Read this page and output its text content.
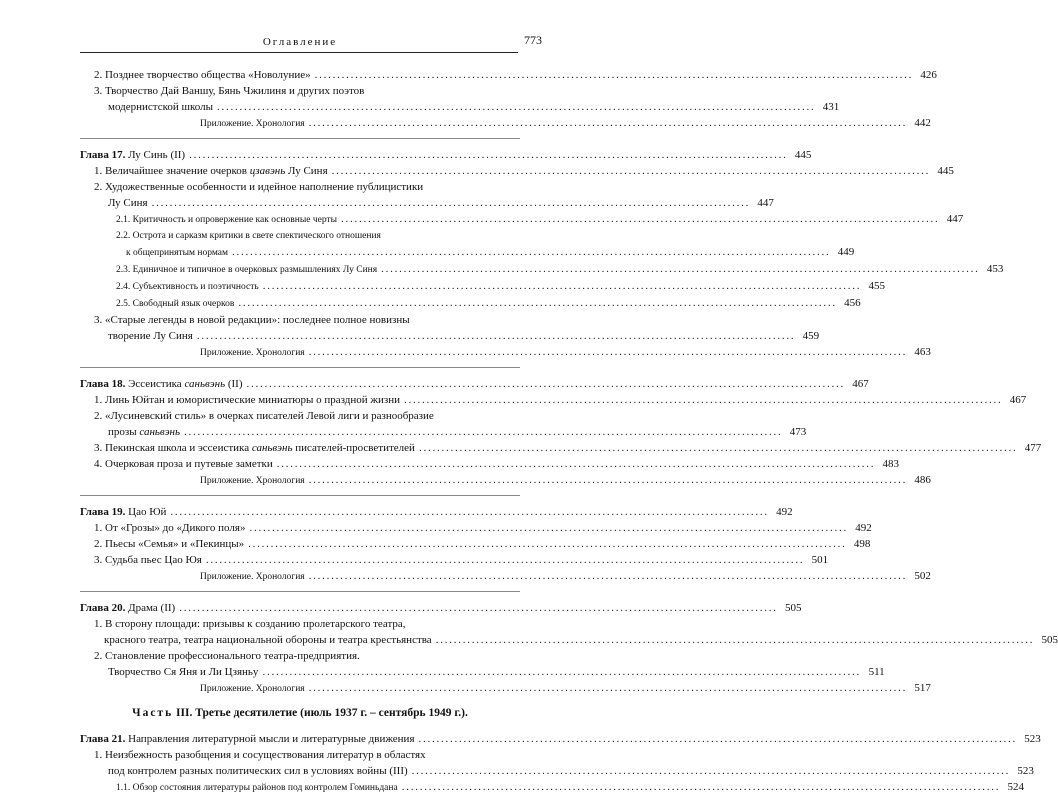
Оглавление	773
2. Позднее творчество общества «Новолуние» . . .	426
3. Творчество Дай Ваншу, Бянь Чжилиня и других поэтов
модернистской школы . . .	431
Приложение. Хронология . . .	442
Глава 17. Лу Синь (II) . . .	445
1. Величайшее значение очерков цзавэнь Лу Синя . . .	445
2. Художественные особенности и идейное наполнение публицистики
Лу Синя . . .	447
2.1. Критичность и опровержение как основные черты . . .	447
2.2. Острота и сарказм критики в свете спектического отношения
к общепринятым нормам . . .	449
2.3. Единичное и типичное в очерковых размышлениях Лу Синя . . .	453
2.4. Субъективность и поэтичность . . .	455
2.5. Свободный язык очерков . . .	456
3. «Старые легенды в новой редакции»: последнее полное новизны
творение Лу Синя . . .	459
Приложение. Хронология . . .	463
Глава 18. Эссеистика саньвэнь (II) . . .	467
1. Линь Юйтан и юмористические миниатюры о праздной жизни . . .	467
2. «Лусиневский стиль» в очерках писателей Левой лиги и разнообразие
прозы саньвэнь . . .	473
3. Пекинская школа и эссеистика саньвэнь писателей-просветителей . . .	477
4. Очерковая проза и путевые заметки . . .	483
Приложение. Хронология . . .	486
Глава 19. Цао Юй . . .	492
1. От «Грозы» до «Дикого поля» . . .	492
2. Пьесы «Семья» и «Пекинцы» . . .	498
3. Судьба пьес Цао Юя . . .	501
Приложение. Хронология . . .	502
Глава 20. Драма (II) . . .	505
1. В сторону площади: призывы к созданию пролетарского театра,
красного театра, театра национальной обороны и театра крестьянства . . .	505
2. Становление профессионального театра-предприятия.
Творчество Ся Яня и Ли Цзяньу . . .	511
Приложение. Хронология . . .	517
Часть III. Третье десятилетие (июль 1937 г. – сентябрь 1949 г.).
Глава 21. Направления литературной мысли и литературные движения . . .	523
1. Неизбежность разобщения и сосуществования литератур в областях
под контролем разных политических сил в условиях войны (III) . . .	523
1.1. Обзор состояния литературы районов под контролем Гоминьдана . . .	524
